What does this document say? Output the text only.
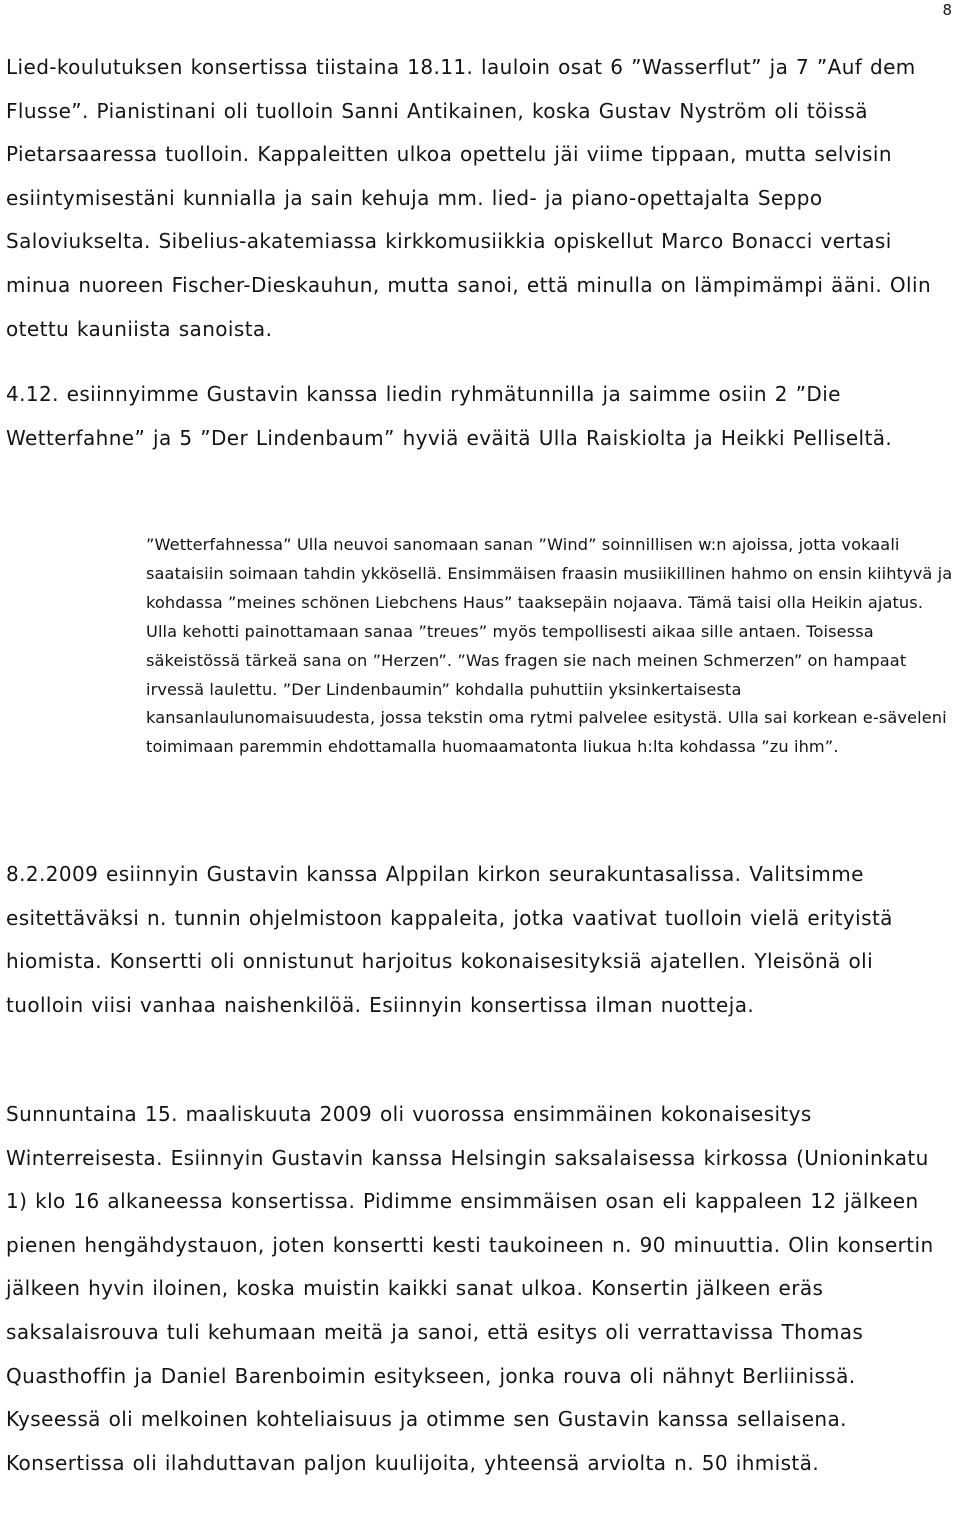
8

Lied-koulutuksen konsertissa tiistaina 18.11. lauloin osat 6 ”Wasserflut” ja 7 ”Auf dem Flusse”. Pianistinani oli tuolloin Sanni Antikainen, koska Gustav Nyström oli töissä Pietarsaaressa tuolloin. Kappaleitten ulkoa opettelu jäi viime tippaan, mutta selvisin esiintymisestäni kunnialla ja sain kehuja mm. lied- ja piano-opettajalta Seppo Saloviukselta. Sibelius-akatemiassa kirkkomusiikkia opiskellut Marco Bonacci vertasi minua nuoreen Fischer-Dieskauhun, mutta sanoi, että minulla on lämpimämpi ääni. Olin otettu kauniista sanoista.

4.12. esiinnyimme Gustavin kanssa liedin ryhmätunnilla ja saimme osiin 2 ”Die Wetterfahne” ja 5 ”Der Lindenbaum” hyviä eväitä Ulla Raiskiolta ja Heikki Pelliseltä.

”Wetterfahnessa” Ulla neuvoi sanomaan sanan ”Wind” soinnillisen w:n ajoissa, jotta vokaali saataisiin soimaan tahdin ykkösellä. Ensimmäisen fraasin musiikillinen hahmo on ensin kiihtyvä ja kohdassa ”meines schönen Liebchens Haus” taaksepäin nojaava. Tämä taisi olla Heikin ajatus. Ulla kehotti painottamaan sanaa ”treues” myös tempollisesti aikaa sille antaen. Toisessa säkeistössä tärkeä sana on ”Herzen”. ”Was fragen sie nach meinen Schmerzen” on hampaat irvessä laulettu. ”Der Lindenbaumin” kohdalla puhuttiin yksinkertaisesta kansanlaulunomaisuudesta, jossa tekstin oma rytmi palvelee esitystä. Ulla sai korkean e-säveleni toimimaan paremmin ehdottamalla huomaamatonta liukua h:lta kohdassa ”zu ihm”.

8.2.2009 esiinnyin Gustavin kanssa Alppilan kirkon seurakuntasalissa. Valitsimme esitettäväksi n. tunnin ohjelmistoon kappaleita, jotka vaativat tuolloin vielä erityistä hiomista. Konsertti oli onnistunut harjoitus kokonaisesityksiä ajatellen. Yleisönä oli tuolloin viisi vanhaa naishenkilöä. Esiinnyin konsertissa ilman nuotteja.

Sunnuntaina 15. maaliskuuta 2009 oli vuorossa ensimmäinen kokonaisesitys Winterreisesta. Esiinnyin Gustavin kanssa Helsingin saksalaisessa kirkossa (Unioninkatu 1) klo 16 alkaneessa konsertissa. Pidimme ensimmäisen osan eli kappaleen 12 jälkeen pienen hengähdystauon, joten konsertti kesti taukoineen n. 90 minuuttia. Olin konsertin jälkeen hyvin iloinen, koska muistin kaikki sanat ulkoa. Konsertin jälkeen eräs saksalaisrouva tuli kehumaan meitä ja sanoi, että esitys oli verrattavissa Thomas Quasthoffin ja Daniel Barenboimin esitykseen, jonka rouva oli nähnyt Berliinissä. Kyseessä oli melkoinen kohteliaisuus ja otimme sen Gustavin kanssa sellaisena. Konsertissa oli ilahduttavan paljon kuulijoita, yhteensä arviolta n. 50 ihmistä.
